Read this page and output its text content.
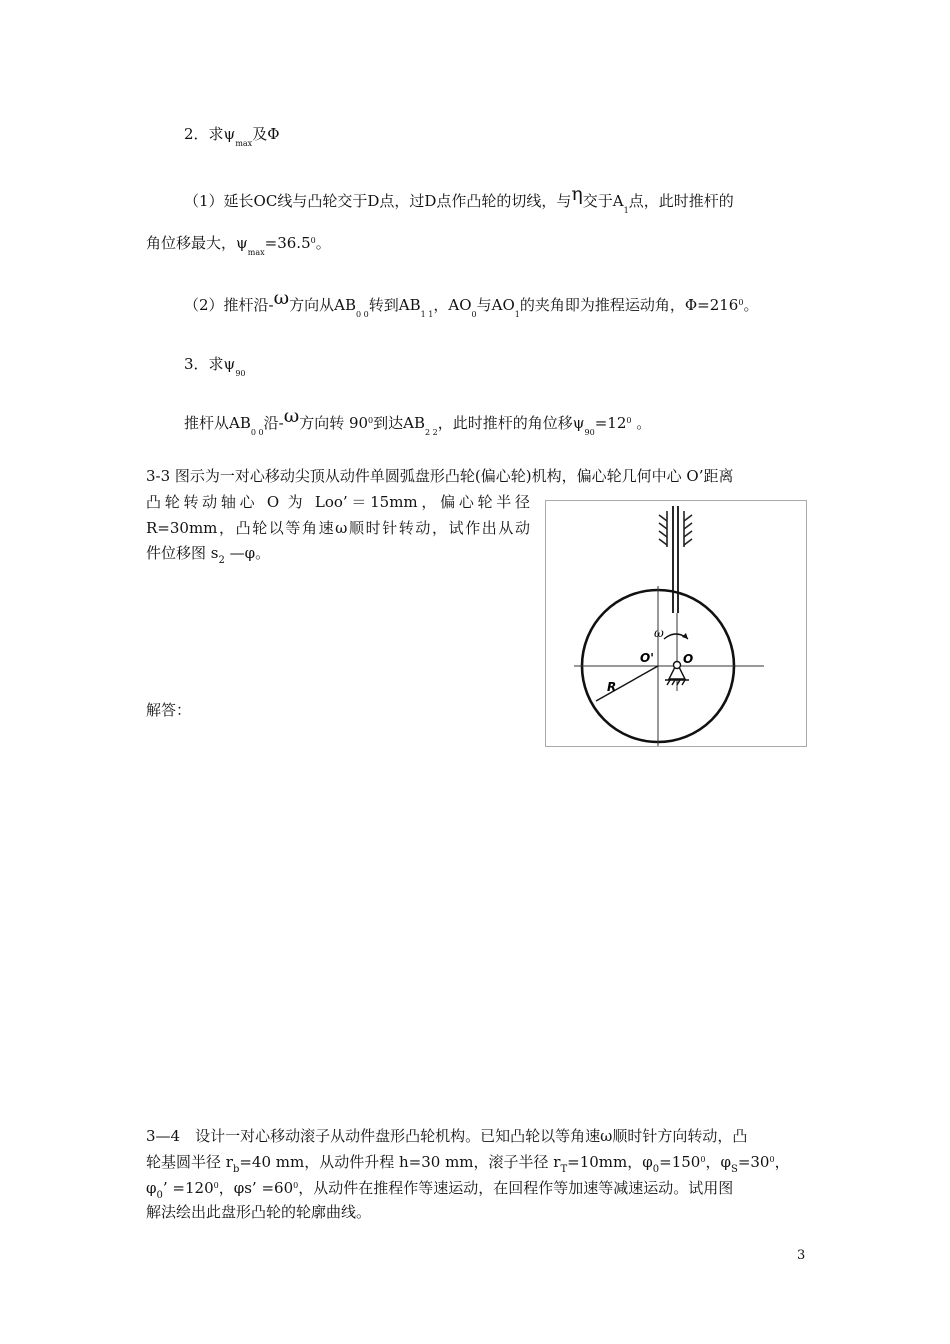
2．求$\psi_{max}$及Φ
（1）延长OC线与凸轮交于D点，过D点作凸轮的切线，与η交于$A_1$点，此时推杆的
角位移最大，$\psi_{max}=36.5^0$。
（2）推杆沿-ω方向从$AB_{0 0}$转到$AB_{1 1}$，$AO_0$与$AO_1$的夹角即为推程运动角，$\Phi=216^0$。
3．求$\psi_{90}$
推杆从$AB_{0 0}$沿-ω方向转 $90^0$到达$AB_{2 2}$，此时推杆的角位移$\psi_{90}=12^0$ 。
3-3 图示为一对心移动尖顶从动件单圆弧盘形凸轮(偏心轮)机构，偏心轮几何中心 O’距离
凸轮转动轴心 O 为 Loo’＝15mm，偏心轮半径
R=30mm，凸轮以等角速ω顺时针转动，试作出从动
件位移图 $s_2$ —φ。
解答：
ω
O' O
R
3—4　设计一对心移动滚子从动件盘形凸轮机构。已知凸轮以等角速ω顺时针方向转动，凸
轮基圆半径 $r_b=40$ mm，从动件升程 h=30 mm，滚子半径 $r_T=10mm$，$\varphi_0=150^0$，$\varphi_S=30^0$，
$\varphi_0$’ $=120^0$，φs’ $=60^0$，从动件在推程作等速运动，在回程作等加速等减速运动。试用图
解法绘出此盘形凸轮的轮廓曲线。
3
